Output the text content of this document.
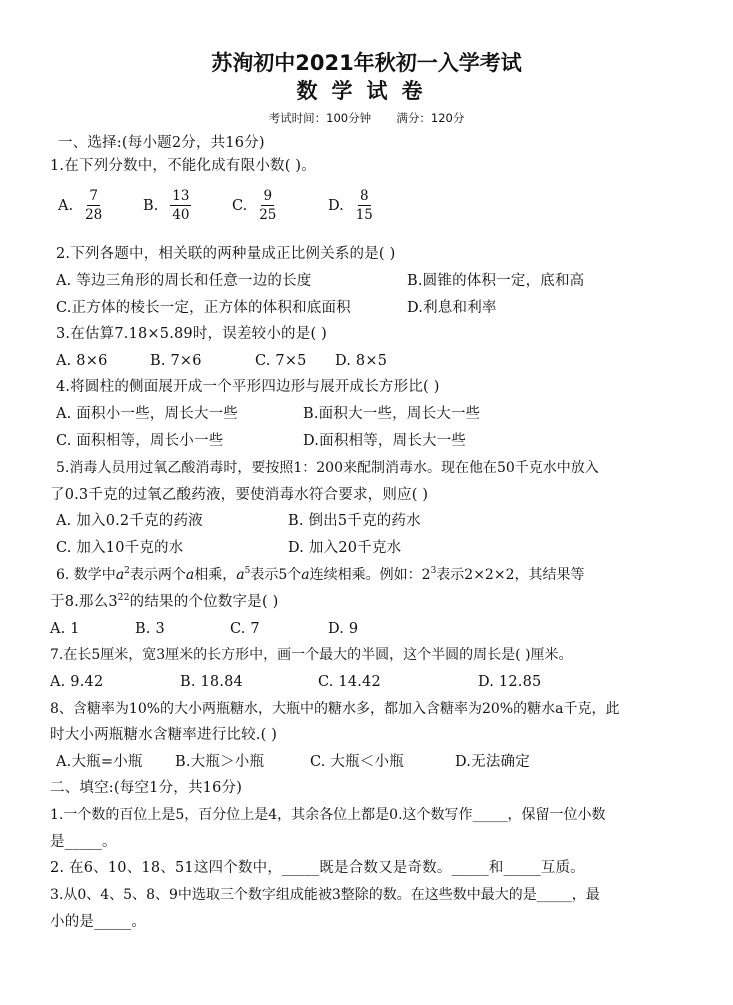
苏洵初中2021年秋初一入学考试
数学试卷
考试时间：100分钟 满分：120分
一、选择:(每小题2分，共16分)
1.在下列分数中，不能化成有限小数( )。
A. $\frac{7}{28}$	B. $\frac{13}{40}$	C. $\frac{9}{25}$	D. $\frac{8}{15}$
2.下列各题中，相关联的两种量成正比例关系的是( )
A. 等边三角形的周长和任意一边的长度	B.圆锥的体积一定，底和高
C.正方体的棱长一定，正方体的体积和底面积	D.利息和利率
3.在估算7.18×5.89时，误差较小的是( )
A. 8×6	B. 7×6	C. 7×5 D. 8×5
4.将圆柱的侧面展开成一个平形四边形与展开成长方形比( )
A. 面积小一些，周长大一些	B.面积大一些，周长大一些
C. 面积相等，周长小一些	D.面积相等，周长大一些
5.消毒人员用过氧乙酸消毒时，要按照1：200来配制消毒水。现在他在50千克水中放入
了0.3千克的过氧乙酸药液，要使消毒水符合要求，则应( )
A. 加入0.2千克的药液	B. 倒出5千克的药水
C. 加入10千克的水	D. 加入20千克水
6. 数学中$a^2$表示两个a相乘，$a^5$表示5个a连续相乘。例如：$2^3$表示2×2×2，其结果等
于8.那么$3^{22}$的结果的个位数字是( )
A. 1	B. 3	C. 7	D. 9
7.在长5厘米，宽3厘米的长方形中，画一个最大的半圆，这个半圆的周长是( )厘米。
A. 9.42	B. 18.84	C. 14.42	D. 12.85
8、含糖率为10%的大小两瓶糖水，大瓶中的糖水多，都加入含糖率为20%的糖水a千克，此
时大小两瓶糖水含糖率进行比较.( )
A.大瓶=小瓶 B.大瓶＞小瓶	C. 大瓶＜小瓶	D.无法确定
二、填空:(每空1分，共16分)
1.一个数的百位上是5，百分位上是4，其余各位上都是0.这个数写作_____，保留一位小数
是_____。
2. 在6、10、18、51这四个数中，_____既是合数又是奇数。_____和_____互质。
3.从0、4、5、8、9中选取三个数字组成能被3整除的数。在这些数中最大的是_____，最
小的是_____。
